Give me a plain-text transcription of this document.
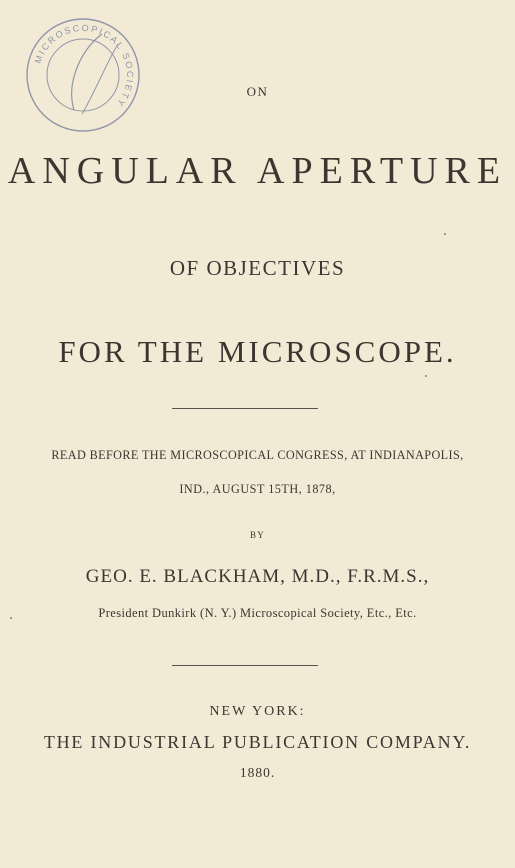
MICROSCOPICAL SOCIETY
ON
ANGULAR APERTURE
OF OBJECTIVES
FOR THE MICROSCOPE.
READ BEFORE THE MICROSCOPICAL CONGRESS, AT INDIANAPOLIS,
IND., AUGUST 15TH, 1878,
BY
GEO. E. BLACKHAM, M.D., F.R.M.S.,
President Dunkirk (N. Y.) Microscopical Society, Etc., Etc.
NEW YORK:
THE INDUSTRIAL PUBLICATION COMPANY.
1880.
